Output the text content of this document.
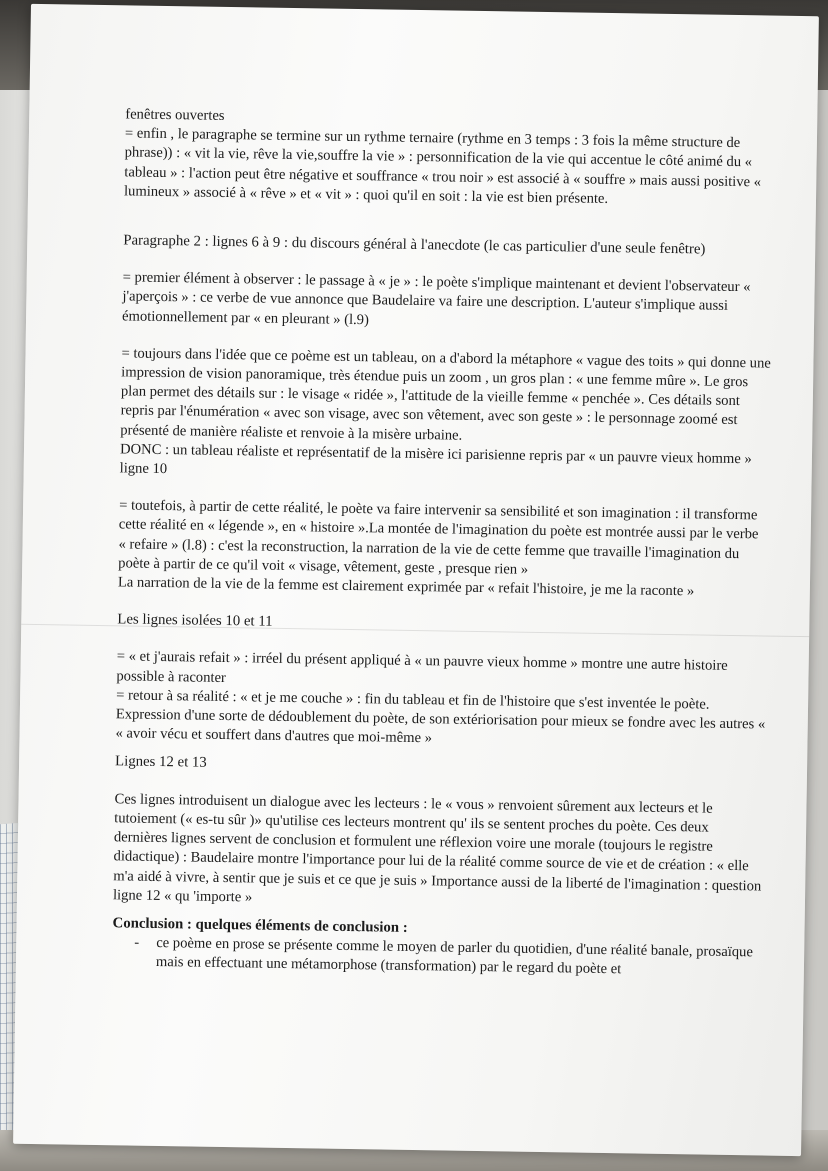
fenêtres ouvertes
= enfin , le paragraphe se termine sur un rythme ternaire (rythme en 3 temps : 3 fois la même structure de phrase)) : « vit la vie, rêve la vie,souffre la vie » : personnification de la vie qui accentue le côté animé du « tableau » : l'action peut être négative et souffrance « trou noir » est associé à « souffre » mais aussi positive « lumineux » associé à « rêve » et « vit » : quoi qu'il en soit : la vie est bien présente.

Paragraphe 2 : lignes 6 à 9 : du discours général à l'anecdote (le cas particulier d'une seule fenêtre)

= premier élément à observer : le passage à « je » : le poète s'implique maintenant et devient l'observateur « j'aperçois » : ce verbe de vue annonce que Baudelaire va faire une description. L'auteur s'implique aussi émotionnellement par « en pleurant » (l.9)

= toujours dans l'idée que ce poème est un tableau, on a d'abord la métaphore « vague des toits » qui donne une impression de vision panoramique, très étendue puis un zoom , un gros plan : « une femme mûre ». Le gros plan permet des détails sur : le visage « ridée », l'attitude de la vieille femme « penchée ». Ces détails sont repris par l'énumération « avec son visage, avec son vêtement, avec son geste » : le personnage zoomé est présenté de manière réaliste et renvoie à la misère urbaine.
DONC : un tableau réaliste et représentatif de la misère ici parisienne repris par « un pauvre vieux homme » ligne 10

= toutefois, à partir de cette réalité, le poète va faire intervenir sa sensibilité et son imagination : il transforme cette réalité en « légende », en « histoire ».La montée de l'imagination du poète est montrée aussi par le verbe « refaire » (l.8) : c'est la reconstruction, la narration de la vie de cette femme que travaille l'imagination du poète à partir de ce qu'il voit « visage, vêtement, geste , presque rien »
La narration de la vie de la femme est clairement exprimée par « refait l'histoire, je me la raconte »

Les lignes isolées 10 et 11

= « et j'aurais refait » : irréel du présent appliqué à « un pauvre vieux homme » montre une autre histoire possible à raconter
= retour à sa réalité : « et je me couche » : fin du tableau et fin de l'histoire que s'est inventée le poète. Expression d'une sorte de dédoublement du poète, de son extériorisation pour mieux se fondre avec les autres « « avoir vécu et souffert dans d'autres que moi-même »

Lignes 12 et 13

Ces lignes introduisent un dialogue avec les lecteurs : le « vous » renvoient sûrement aux lecteurs et le tutoiement (« es-tu sûr )» qu'utilise ces lecteurs montrent qu' ils se sentent proches du poète. Ces deux dernières lignes servent de conclusion et formulent une réflexion voire une morale (toujours le registre didactique) : Baudelaire montre l'importance pour lui de la réalité comme source de vie et de création : « elle m'a aidé à vivre, à sentir que je suis et ce que je suis » Importance aussi de la liberté de l'imagination : question ligne 12 « qu 'importe »

Conclusion : quelques éléments de conclusion :

-	ce poème en prose se présente comme le moyen de parler du quotidien, d'une réalité banale, prosaïque mais en effectuant une métamorphose (transformation) par le regard du poète et
